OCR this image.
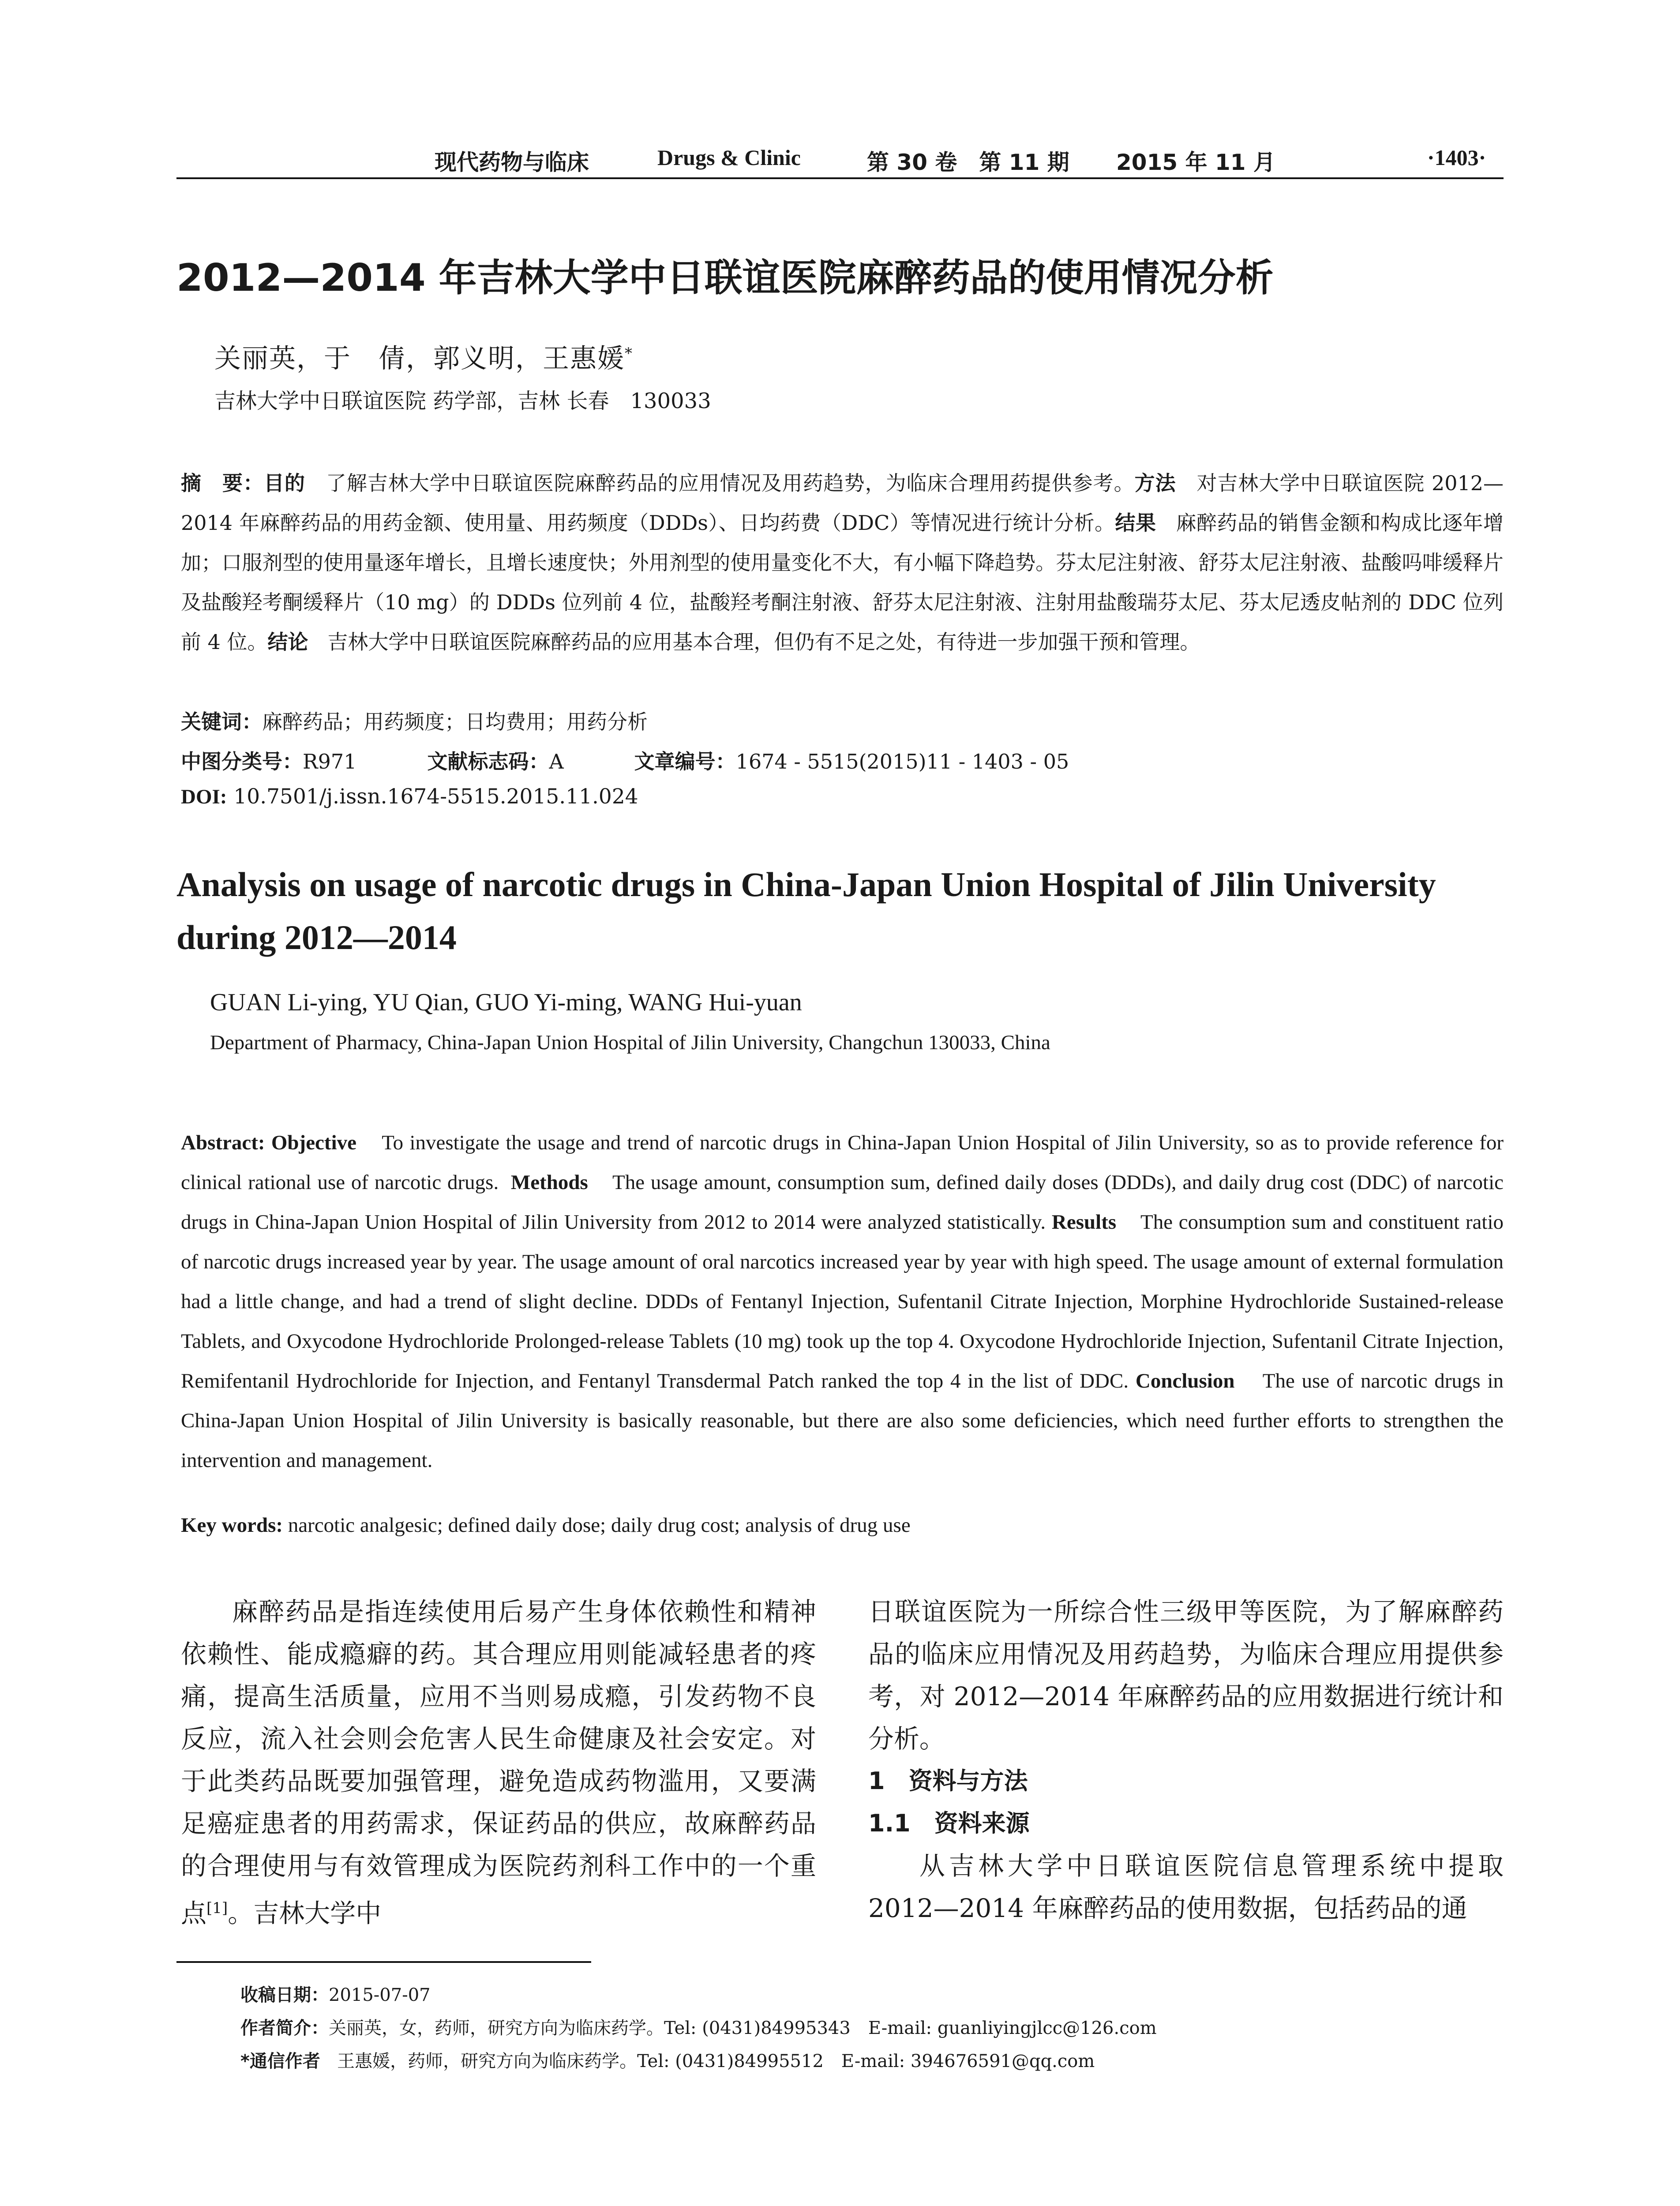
现代药物与临床	Drugs & Clinic	第 30 卷　第 11 期 2015 年 11 月	·1403·
2012—2014 年吉林大学中日联谊医院麻醉药品的使用情况分析
关丽英，于　倩，郭义明，王惠媛*
吉林大学中日联谊医院 药学部，吉林 长春　130033
摘　要：目的 了解吉林大学中日联谊医院麻醉药品的应用情况及用药趋势，为临床合理用药提供参考。方法 对吉林大学中日联谊医院 2012—2014 年麻醉药品的用药金额、使用量、用药频度（DDDs）、日均药费（DDC）等情况进行统计分析。结果 麻醉药品的销售金额和构成比逐年增加；口服剂型的使用量逐年增长，且增长速度快；外用剂型的使用量变化不大，有小幅下降趋势。芬太尼注射液、舒芬太尼注射液、盐酸吗啡缓释片及盐酸羟考酮缓释片（10 mg）的 DDDs 位列前 4 位，盐酸羟考酮注射液、舒芬太尼注射液、注射用盐酸瑞芬太尼、芬太尼透皮帖剂的 DDC 位列前 4 位。结论 吉林大学中日联谊医院麻醉药品的应用基本合理，但仍有不足之处，有待进一步加强干预和管理。
关键词：麻醉药品；用药频度；日均费用；用药分析
中图分类号：R971	文献标志码：A	文章编号：1674 - 5515(2015)11 - 1403 - 05
DOI: 10.7501/j.issn.1674-5515.2015.11.024
Analysis on usage of narcotic drugs in China-Japan Union Hospital of Jilin University
during 2012—2014
GUAN Li-ying, YU Qian, GUO Yi-ming, WANG Hui-yuan
Department of Pharmacy, China-Japan Union Hospital of Jilin University, Changchun 130033, China
Abstract: Objective To investigate the usage and trend of narcotic drugs in China-Japan Union Hospital of Jilin University, so as to provide reference for clinical rational use of narcotic drugs. Methods The usage amount, consumption sum, defined daily doses (DDDs), and daily drug cost (DDC) of narcotic drugs in China-Japan Union Hospital of Jilin University from 2012 to 2014 were analyzed statistically. Results The consumption sum and constituent ratio of narcotic drugs increased year by year. The usage amount of oral narcotics increased year by year with high speed. The usage amount of external formulation had a little change, and had a trend of slight decline. DDDs of Fentanyl Injection, Sufentanil Citrate Injection, Morphine Hydrochloride Sustained-release Tablets, and Oxycodone Hydrochloride Prolonged-release Tablets (10 mg) took up the top 4. Oxycodone Hydrochloride Injection, Sufentanil Citrate Injection, Remifentanil Hydrochloride for Injection, and Fentanyl Transdermal Patch ranked the top 4 in the list of DDC. Conclusion The use of narcotic drugs in China-Japan Union Hospital of Jilin University is basically reasonable, but there are also some deficiencies, which need further efforts to strengthen the intervention and management.
Key words: narcotic analgesic; defined daily dose; daily drug cost; analysis of drug use

麻醉药品是指连续使用后易产生身体依赖性和精神依赖性、能成瘾癖的药。其合理应用则能减轻患者的疼痛，提高生活质量，应用不当则易成瘾，引发药物不良反应，流入社会则会危害人民生命健康及社会安定。对于此类药品既要加强管理，避免造成药物滥用，又要满足癌症患者的用药需求，保证药品的供应，故麻醉药品的合理使用与有效管理成为医院药剂科工作中的一个重点[1]。吉林大学中

日联谊医院为一所综合性三级甲等医院，为了解麻醉药品的临床应用情况及用药趋势，为临床合理应用提供参考，对 2012—2014 年麻醉药品的应用数据进行统计和分析。

1　资料与方法

1.1　资料来源

从吉林大学中日联谊医院信息管理系统中提取 2012—2014 年麻醉药品的使用数据，包括药品的通

收稿日期：2015-07-07
作者简介：关丽英，女，药师，研究方向为临床药学。Tel: (0431)84995343　E-mail: guanliyingjlcc@126.com
*通信作者 王惠媛，药师，研究方向为临床药学。Tel: (0431)84995512　E-mail: 394676591@qq.com
